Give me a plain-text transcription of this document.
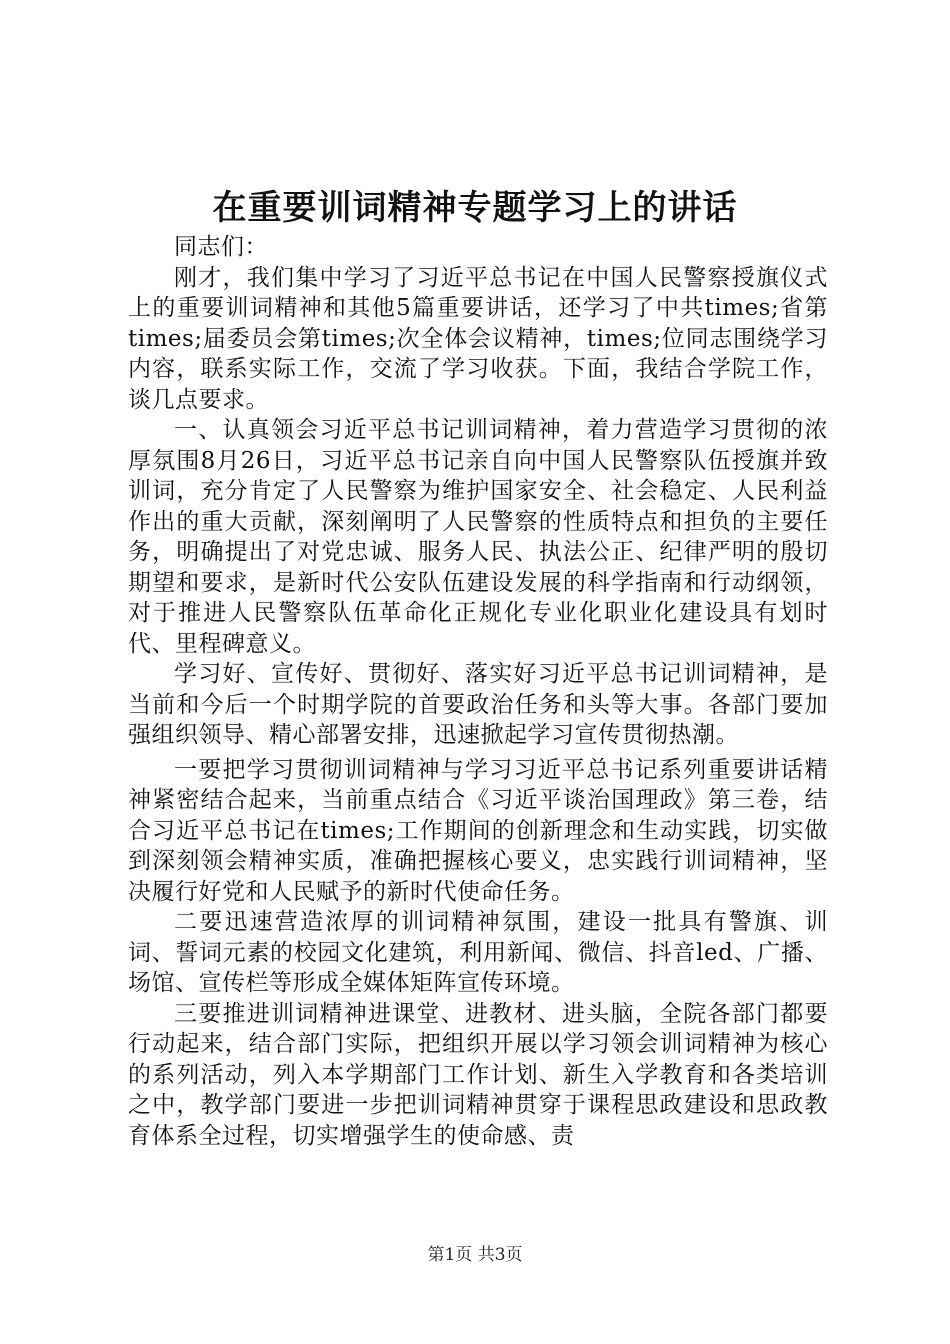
在重要训词精神专题学习上的讲话

同志们：

刚才，我们集中学习了习近平总书记在中国人民警察授旗仪式上的重要训词精神和其他5篇重要讲话，还学习了中共times;省第times;届委员会第times;次全体会议精神，times;位同志围绕学习内容，联系实际工作，交流了学习收获。下面，我结合学院工作，谈几点要求。

一、认真领会习近平总书记训词精神，着力营造学习贯彻的浓厚氛围8月26日，习近平总书记亲自向中国人民警察队伍授旗并致训词，充分肯定了人民警察为维护国家安全、社会稳定、人民利益作出的重大贡献，深刻阐明了人民警察的性质特点和担负的主要任务，明确提出了对党忠诚、服务人民、执法公正、纪律严明的殷切期望和要求，是新时代公安队伍建设发展的科学指南和行动纲领，对于推进人民警察队伍革命化正规化专业化职业化建设具有划时代、里程碑意义。

学习好、宣传好、贯彻好、落实好习近平总书记训词精神，是当前和今后一个时期学院的首要政治任务和头等大事。各部门要加强组织领导、精心部署安排，迅速掀起学习宣传贯彻热潮。

一要把学习贯彻训词精神与学习习近平总书记系列重要讲话精神紧密结合起来，当前重点结合《习近平谈治国理政》第三卷，结合习近平总书记在times;工作期间的创新理念和生动实践，切实做到深刻领会精神实质，准确把握核心要义，忠实践行训词精神，坚决履行好党和人民赋予的新时代使命任务。

二要迅速营造浓厚的训词精神氛围，建设一批具有警旗、训词、誓词元素的校园文化建筑，利用新闻、微信、抖音led、广播、场馆、宣传栏等形成全媒体矩阵宣传环境。

三要推进训词精神进课堂、进教材、进头脑，全院各部门都要行动起来，结合部门实际，把组织开展以学习领会训词精神为核心的系列活动，列入本学期部门工作计划、新生入学教育和各类培训之中，教学部门要进一步把训词精神贯穿于课程思政建设和思政教育体系全过程，切实增强学生的使命感、责

第1页 共3页
